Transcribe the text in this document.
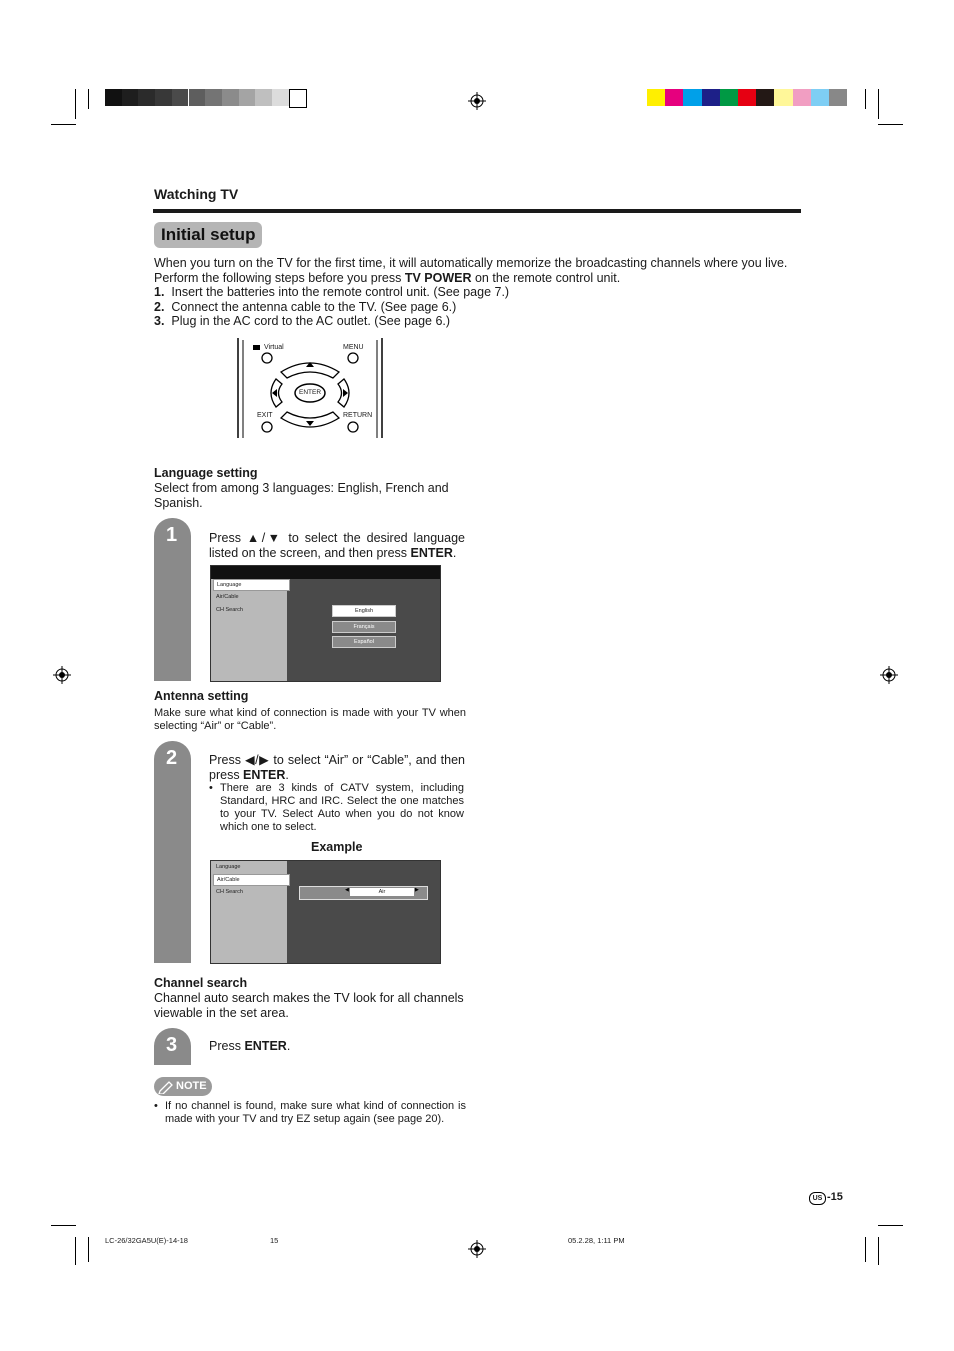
Watching TV
Initial setup
When you turn on the TV for the first time, it will automatically memorize the broadcasting channels where you live. Perform the following steps before you press TV POWER on the remote control unit.
1. Insert the batteries into the remote control unit. (See page 7.)
2. Connect the antenna cable to the TV. (See page 6.)
3. Plug in the AC cord to the AC outlet. (See page 6.)
Virtual	MENU
ENTER
EXIT	RETURN
Language setting
Select from among 3 languages: English, French and Spanish.
1	Press ▲/▼ to select the desired language listed on the screen, and then press ENTER.
Language
Air/Cable
CH Search	English
Français
Español
Antenna setting
Make sure what kind of connection is made with your TV when selecting “Air” or “Cable”.
2	Press ◀/▶ to select “Air” or “Cable”, and then press ENTER.
• There are 3 kinds of CATV system, including Standard, HRC and IRC. Select the one matches to your TV. Select Auto when you do not know which one to select.
Example
Language
Air/Cable
CH Search	◀	Air	▶
Channel search
Channel auto search makes the TV look for all channels viewable in the set area.
3	Press ENTER.
NOTE
• If no channel is found, make sure what kind of connection is made with your TV and try EZ setup again (see page 20).
US -15
LC-26/32GA5U(E)-14-18	15	05.2.28, 1:11 PM
